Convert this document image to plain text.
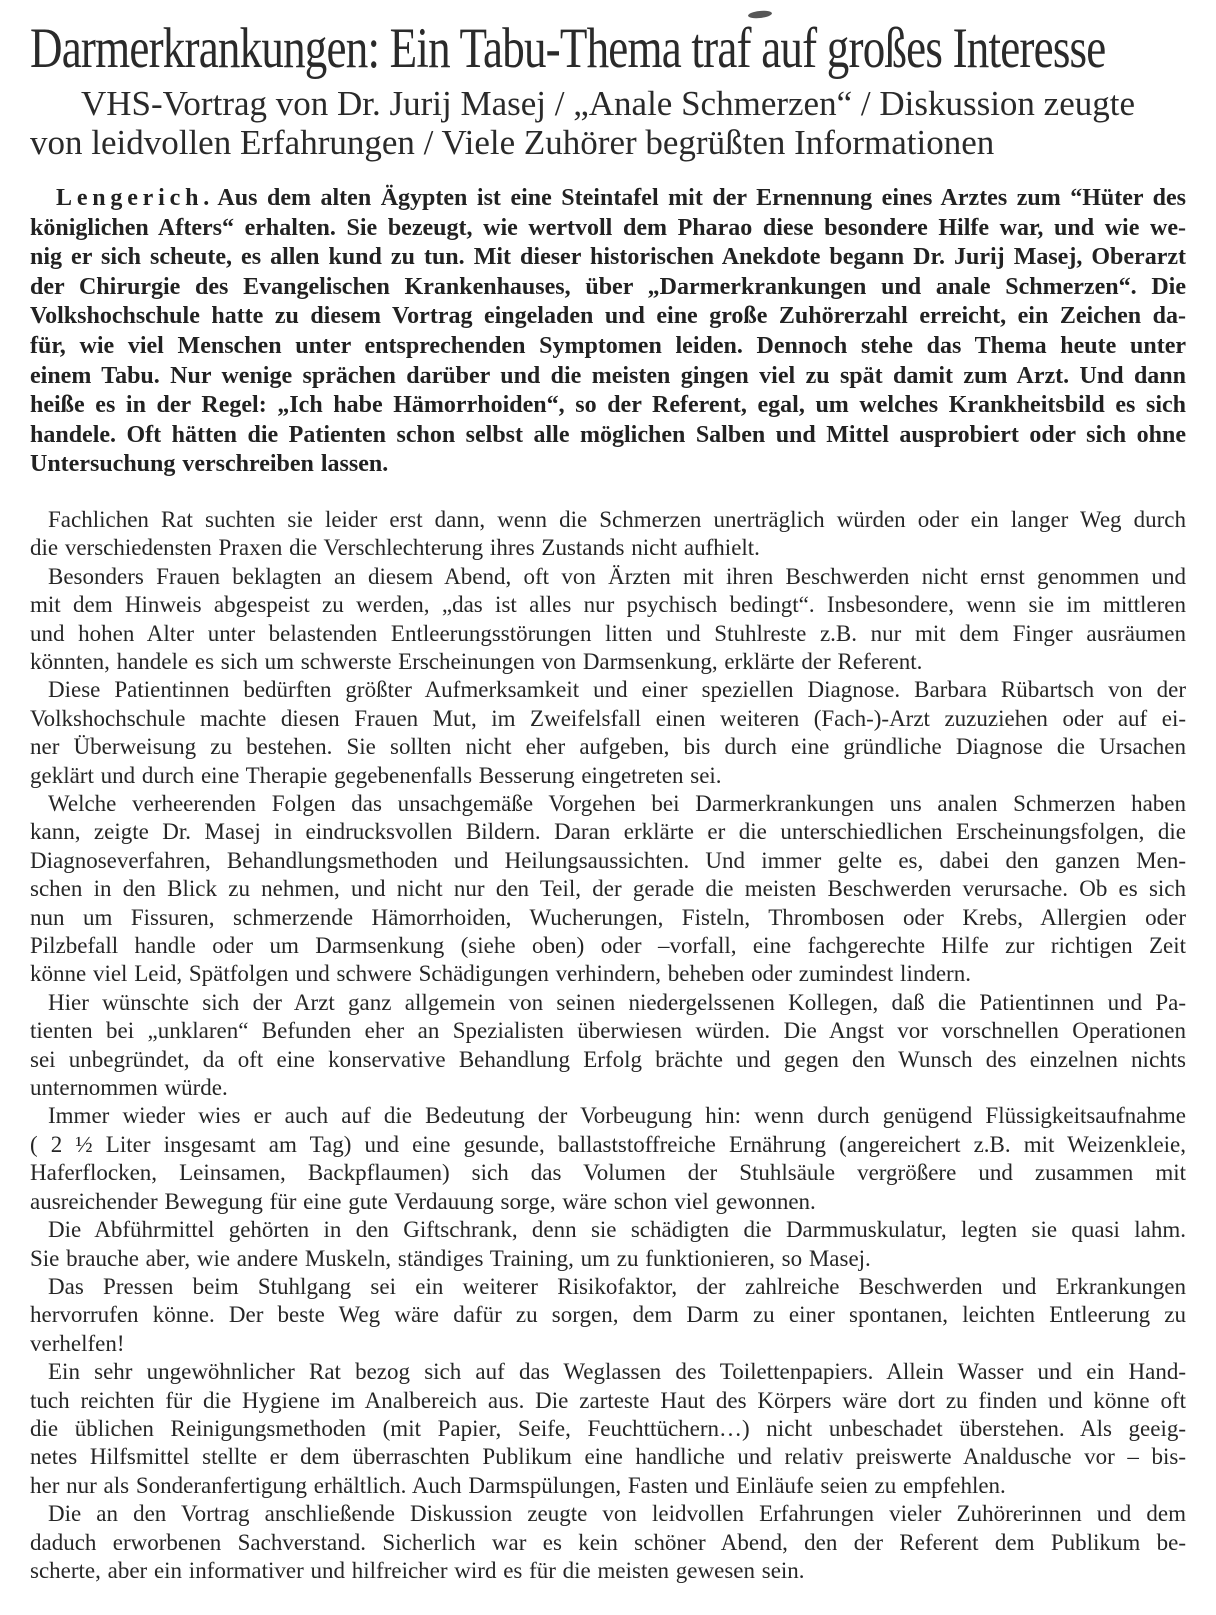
Darmerkrankungen: Ein Tabu-Thema traf auf großes Interesse
VHS-Vortrag von Dr. Jurij Masej / „Anale Schmerzen“ / Diskussion zeugte
von leidvollen Erfahrungen / Viele Zuhörer begrüßten Informationen
L e n g e r i c h . Aus dem alten Ägypten ist eine Steintafel mit der Ernennung eines Arztes zum “Hüter des
königlichen Afters“ erhalten. Sie bezeugt, wie wertvoll dem Pharao diese besondere Hilfe war, und wie we-
nig er sich scheute, es allen kund zu tun. Mit dieser historischen Anekdote begann Dr. Jurij Masej, Oberarzt
der Chirurgie des Evangelischen Krankenhauses, über „Darmerkrankungen und anale Schmerzen“. Die
Volkshochschule hatte zu diesem Vortrag eingeladen und eine große Zuhörerzahl erreicht, ein Zeichen da-
für, wie viel Menschen unter entsprechenden Symptomen leiden. Dennoch stehe das Thema heute unter
einem Tabu. Nur wenige sprächen darüber und die meisten gingen viel zu spät damit zum Arzt. Und dann
heiße es in der Regel: „Ich habe Hämorrhoiden“, so der Referent, egal, um welches Krankheitsbild es sich
handele. Oft hätten die Patienten schon selbst alle möglichen Salben und Mittel ausprobiert oder sich ohne
Untersuchung verschreiben lassen.
Fachlichen Rat suchten sie leider erst dann, wenn die Schmerzen unerträglich würden oder ein langer Weg durch
die verschiedensten Praxen die Verschlechterung ihres Zustands nicht aufhielt.
Besonders Frauen beklagten an diesem Abend, oft von Ärzten mit ihren Beschwerden nicht ernst genommen und
mit dem Hinweis abgespeist zu werden, „das ist alles nur psychisch bedingt“. Insbesondere, wenn sie im mittleren
und hohen Alter unter belastenden Entleerungsstörungen litten und Stuhlreste z.B. nur mit dem Finger ausräumen
könnten, handele es sich um schwerste Erscheinungen von Darmsenkung, erklärte der Referent.
Diese Patientinnen bedürften größter Aufmerksamkeit und einer speziellen Diagnose. Barbara Rübartsch von der
Volkshochschule machte diesen Frauen Mut, im Zweifelsfall einen weiteren (Fach-)-Arzt zuzuziehen oder auf ei-
ner Überweisung zu bestehen. Sie sollten nicht eher aufgeben, bis durch eine gründliche Diagnose die Ursachen
geklärt und durch eine Therapie gegebenenfalls Besserung eingetreten sei.
Welche verheerenden Folgen das unsachgemäße Vorgehen bei Darmerkrankungen uns analen Schmerzen haben
kann, zeigte Dr. Masej in eindrucksvollen Bildern. Daran erklärte er die unterschiedlichen Erscheinungsfolgen, die
Diagnoseverfahren, Behandlungsmethoden und Heilungsaussichten. Und immer gelte es, dabei den ganzen Men-
schen in den Blick zu nehmen, und nicht nur den Teil, der gerade die meisten Beschwerden verursache. Ob es sich
nun um Fissuren, schmerzende Hämorrhoiden, Wucherungen, Fisteln, Thrombosen oder Krebs, Allergien oder
Pilzbefall handle oder um Darmsenkung (siehe oben) oder –vorfall, eine fachgerechte Hilfe zur richtigen Zeit
könne viel Leid, Spätfolgen und schwere Schädigungen verhindern, beheben oder zumindest lindern.
Hier wünschte sich der Arzt ganz allgemein von seinen niedergelssenen Kollegen, daß die Patientinnen und Pa-
tienten bei „unklaren“ Befunden eher an Spezialisten überwiesen würden. Die Angst vor vorschnellen Operationen
sei unbegründet, da oft eine konservative Behandlung Erfolg brächte und gegen den Wunsch des einzelnen nichts
unternommen würde.
Immer wieder wies er auch auf die Bedeutung der Vorbeugung hin: wenn durch genügend Flüssigkeitsaufnahme
( 2 ½ Liter insgesamt am Tag) und eine gesunde, ballaststoffreiche Ernährung (angereichert z.B. mit Weizenkleie,
Haferflocken, Leinsamen, Backpflaumen) sich das Volumen der Stuhlsäule vergrößere und zusammen mit
ausreichender Bewegung für eine gute Verdauung sorge, wäre schon viel gewonnen.
Die Abführmittel gehörten in den Giftschrank, denn sie schädigten die Darmmuskulatur, legten sie quasi lahm.
Sie brauche aber, wie andere Muskeln, ständiges Training, um zu funktionieren, so Masej.
Das Pressen beim Stuhlgang sei ein weiterer Risikofaktor, der zahlreiche Beschwerden und Erkrankungen
hervorrufen könne. Der beste Weg wäre dafür zu sorgen, dem Darm zu einer spontanen, leichten Entleerung zu
verhelfen!
Ein sehr ungewöhnlicher Rat bezog sich auf das Weglassen des Toilettenpapiers. Allein Wasser und ein Hand-
tuch reichten für die Hygiene im Analbereich aus. Die zarteste Haut des Körpers wäre dort zu finden und könne oft
die üblichen Reinigungsmethoden (mit Papier, Seife, Feuchttüchern…) nicht unbeschadet überstehen. Als geeig-
netes Hilfsmittel stellte er dem überraschten Publikum eine handliche und relativ preiswerte Analdusche vor – bis-
her nur als Sonderanfertigung erhältlich. Auch Darmspülungen, Fasten und Einläufe seien zu empfehlen.
Die an den Vortrag anschließende Diskussion zeugte von leidvollen Erfahrungen vieler Zuhörerinnen und dem
daduch erworbenen Sachverstand. Sicherlich war es kein schöner Abend, den der Referent dem Publikum be-
scherte, aber ein informativer und hilfreicher wird es für die meisten gewesen sein.
